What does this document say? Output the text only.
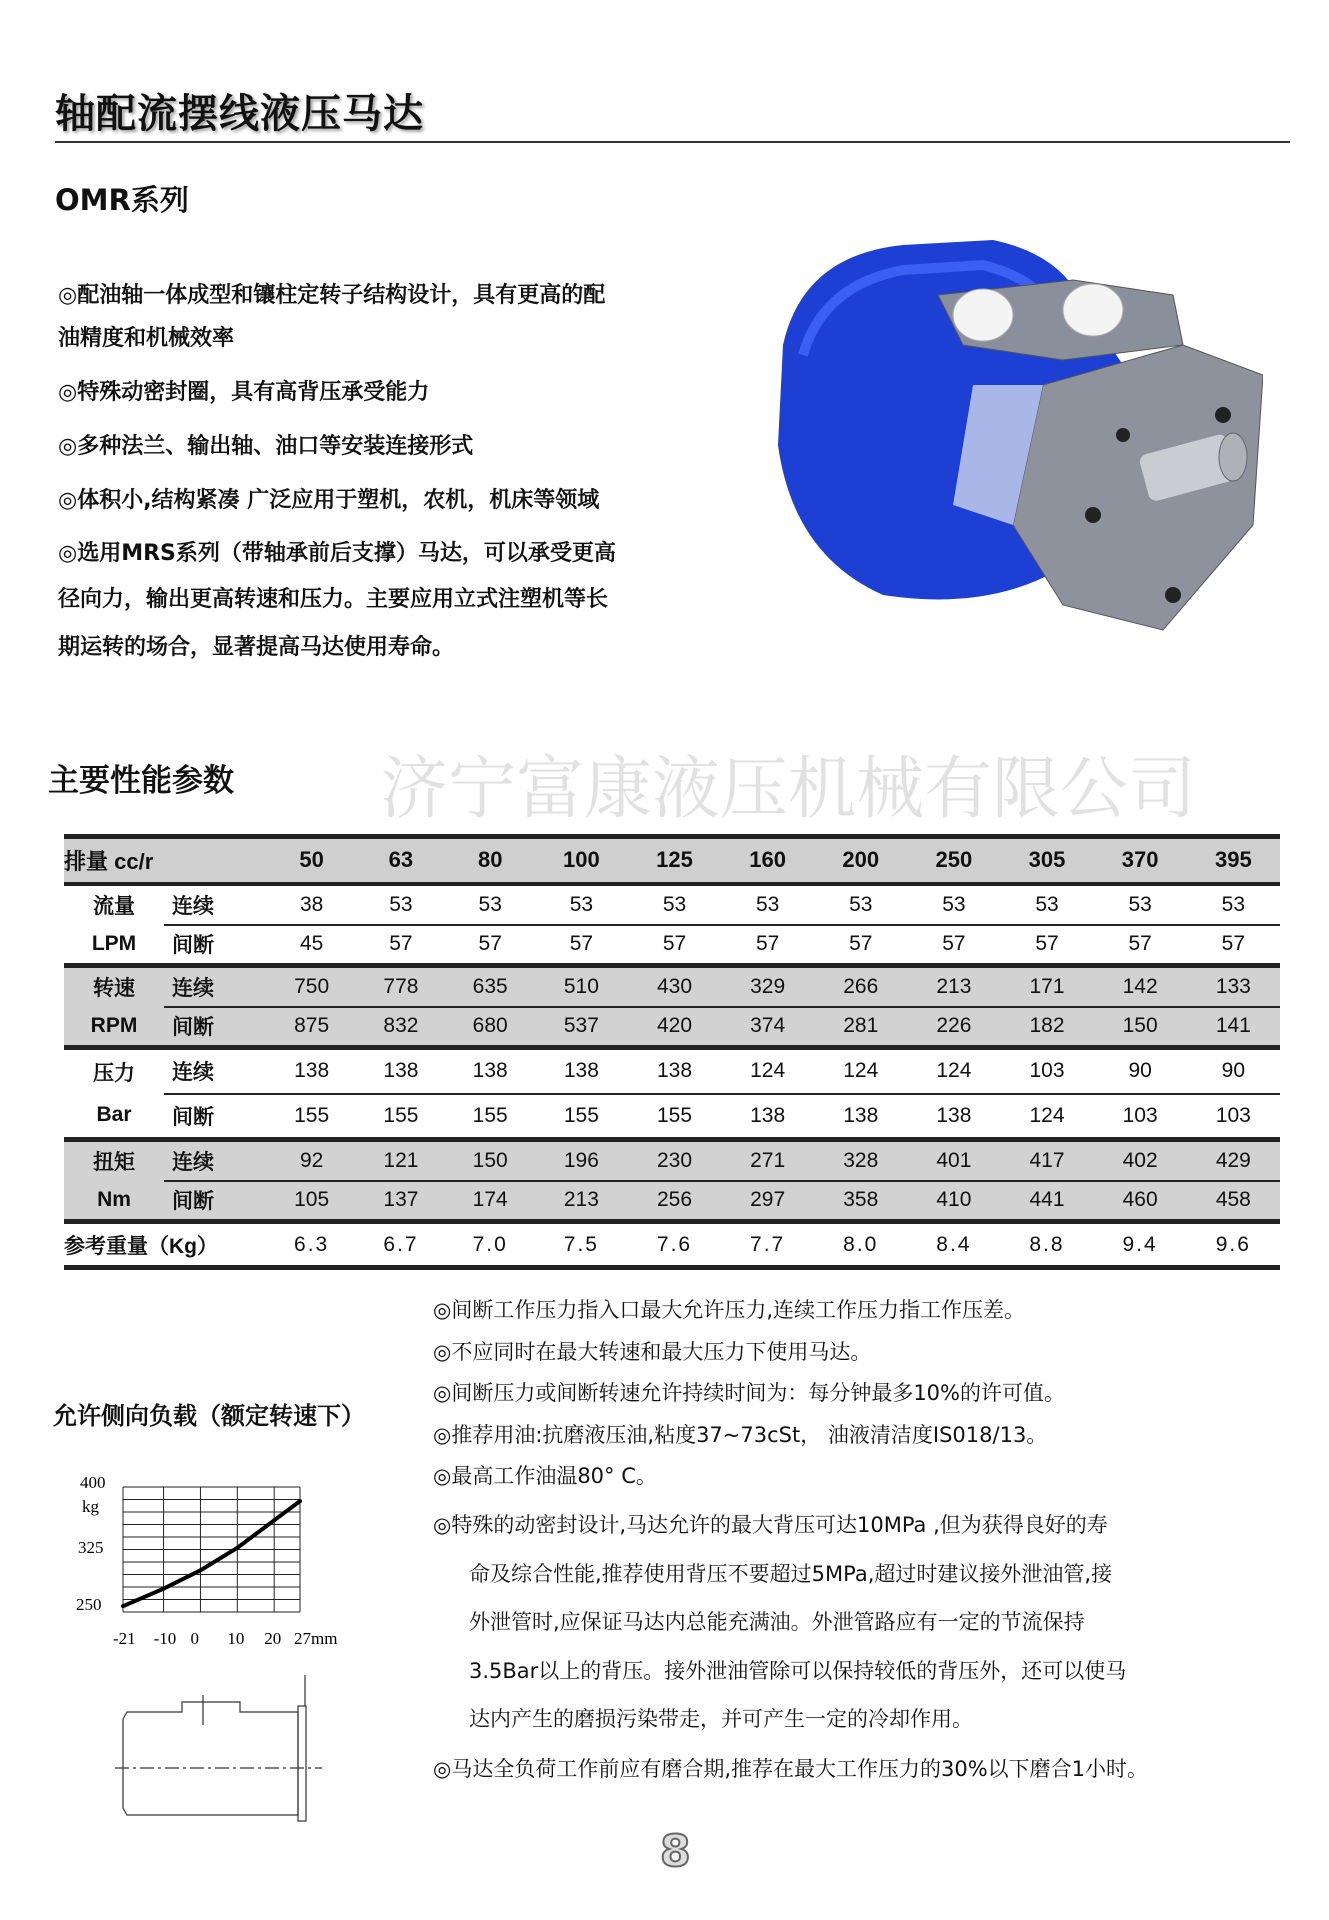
轴配流摆线液压马达
OMR系列
◎配油轴一体成型和镶柱定转子结构设计，具有更高的配
油精度和机械效率
◎特殊动密封圈，具有高背压承受能力
◎多种法兰、输出轴、油口等安装连接形式
◎体积小,结构紧凑 广泛应用于塑机，农机，机床等领域
◎选用MRS系列（带轴承前后支撑）马达，可以承受更高
径向力，输出更高转速和压力。主要应用立式注塑机等长
期运转的场合，显著提高马达使用寿命。
主要性能参数 济宁富康液压机械有限公司
排量 cc/r		50	63	80	100	125	160	200	250	305	370	395
流量	连续	38	53	53	53	53	53	53	53	53	53	53
LPM	间断	45	57	57	57	57	57	57	57	57	57	57
转速	连续	750	778	635	510	430	329	266	213	171	142	133
RPM	间断	875	832	680	537	420	374	281	226	182	150	141
压力	连续	138	138	138	138	138	124	124	124	103	90	90
Bar	间断	155	155	155	155	155	138	138	138	124	103	103
扭矩	连续	92	121	150	196	230	271	328	401	417	402	429
Nm	间断	105	137	174	213	256	297	358	410	441	460	458
参考重量（Kg）		6.3	6.7	7.0	7.5	7.6	7.7	8.0	8.4	8.8	9.4	9.6
◎间断工作压力指入口最大允许压力,连续工作压力指工作压差。
◎不应同时在最大转速和最大压力下使用马达。
◎间断压力或间断转速允许持续时间为：每分钟最多10%的许可值。
◎推荐用油:抗磨液压油,粘度37~73cSt， 油液清洁度IS018/13。
◎最高工作油温80° C。
◎特殊的动密封设计,马达允许的最大背压可达10MPa ,但为获得良好的寿
命及综合性能,推荐使用背压不要超过5MPa,超过时建议接外泄油管,接
外泄管时,应保证马达内总能充满油。外泄管路应有一定的节流保持
3.5Bar以上的背压。接外泄油管除可以保持较低的背压外，还可以使马
达内产生的磨损污染带走，并可产生一定的冷却作用。
◎马达全负荷工作前应有磨合期,推荐在最大工作压力的30%以下磨合1小时。
允许侧向负载（额定转速下）
400
kg
325
250
-21 -10 0 10 20 27mm
8
